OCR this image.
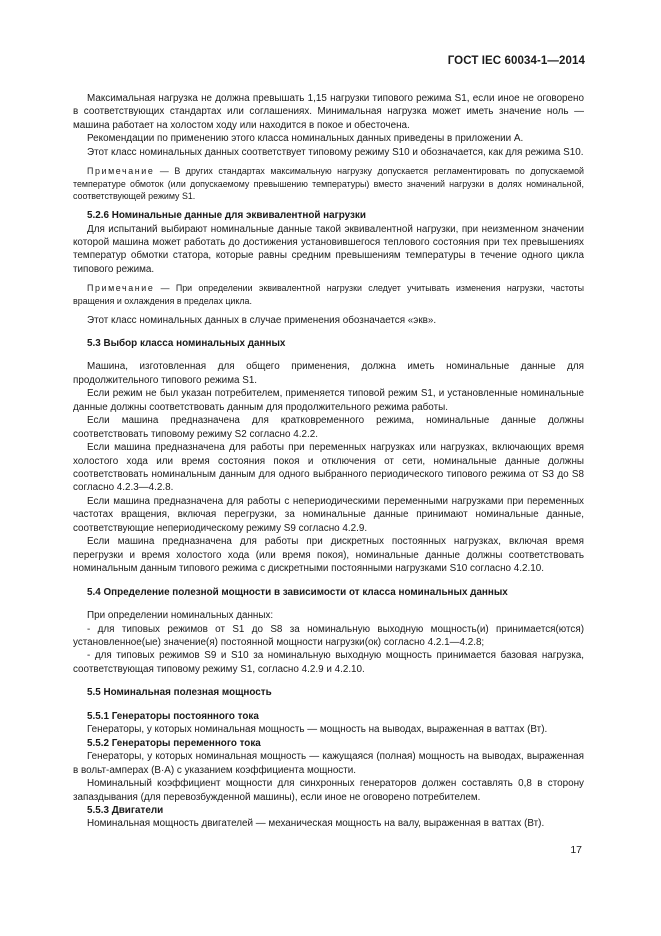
ГОСТ IEC 60034-1—2014

Максимальная нагрузка не должна превышать 1,15 нагрузки типового режима S1, если иное не оговорено в соответствующих стандартах или соглашениях. Минимальная нагрузка может иметь значение ноль — машина работает на холостом ходу или находится в покое и обесточена.

Рекомендации по применению этого класса номинальных данных приведены в приложении А.

Этот класс номинальных данных соответствует типовому режиму S10 и обозначается, как для режима S10.

Примечание — В других стандартах максимальную нагрузку допускается регламентировать по допускаемой температуре обмоток (или допускаемому превышению температуры) вместо значений нагрузки в долях номинальной, соответствующей режиму S1.

5.2.6 Номинальные данные для эквивалентной нагрузки

Для испытаний выбирают номинальные данные такой эквивалентной нагрузки, при неизменном значении которой машина может работать до достижения установившегося теплового состояния при тех превышениях температур обмотки статора, которые равны средним превышениям температуры в течение одного цикла типового режима.

Примечание — При определении эквивалентной нагрузки следует учитывать изменения нагрузки, частоты вращения и охлаждения в пределах цикла.

Этот класс номинальных данных в случае применения обозначается «экв».

5.3 Выбор класса номинальных данных

Машина, изготовленная для общего применения, должна иметь номинальные данные для продолжительного типового режима S1.

Если режим не был указан потребителем, применяется типовой режим S1, и установленные номинальные данные должны соответствовать данным для продолжительного режима работы.

Если машина предназначена для кратковременного режима, номинальные данные должны соответствовать типовому режиму S2 согласно 4.2.2.

Если машина предназначена для работы при переменных нагрузках или нагрузках, включающих время холостого хода или время состояния покоя и отключения от сети, номинальные данные должны соответствовать номинальным данным для одного выбранного периодического типового режима от S3 до S8 согласно 4.2.3—4.2.8.

Если машина предназначена для работы с непериодическими переменными нагрузками при переменных частотах вращения, включая перегрузки, за номинальные данные принимают номинальные данные, соответствующие непериодическому режиму S9 согласно 4.2.9.

Если машина предназначена для работы при дискретных постоянных нагрузках, включая время перегрузки и время холостого хода (или время покоя), номинальные данные должны соответствовать номинальным данным типового режима с дискретными постоянными нагрузками S10 согласно 4.2.10.

5.4 Определение полезной мощности в зависимости от класса номинальных данных

При определении номинальных данных:

- для типовых режимов от S1 до S8 за номинальную выходную мощность(и) принимается(ются) установленное(ые) значение(я) постоянной мощности нагрузки(ок) согласно 4.2.1—4.2.8;

- для типовых режимов S9 и S10 за номинальную выходную мощность принимается базовая нагрузка, соответствующая типовому режиму S1, согласно 4.2.9 и 4.2.10.

5.5 Номинальная полезная мощность

5.5.1 Генераторы постоянного тока

Генераторы, у которых номинальная мощность — мощность на выводах, выраженная в ваттах (Вт).

5.5.2 Генераторы переменного тока

Генераторы, у которых номинальная мощность — кажущаяся (полная) мощность на выводах, выраженная в вольт-амперах (В·А) с указанием коэффициента мощности.

Номинальный коэффициент мощности для синхронных генераторов должен составлять 0,8 в сторону запаздывания (для перевозбужденной машины), если иное не оговорено потребителем.

5.5.3 Двигатели

Номинальная мощность двигателей — механическая мощность на валу, выраженная в ваттах (Вт).

17
